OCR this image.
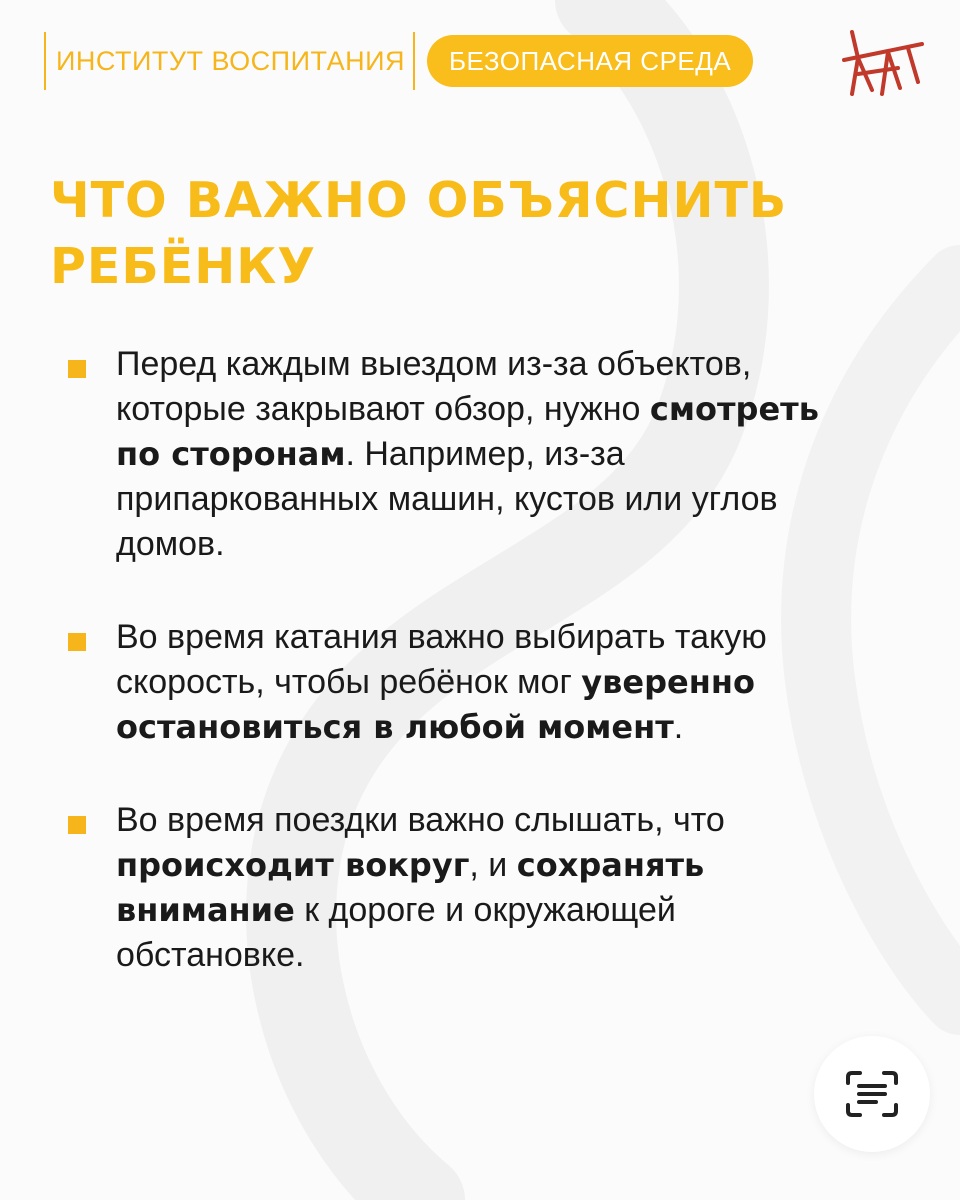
ИНСТИТУТ ВОСПИТАНИЯ	БЕЗОПАСНАЯ СРЕДА
ЧТО ВАЖНО ОБЪЯСНИТЬ
РЕБЁНКУ
Перед каждым выездом из-за объектов, которые закрывают обзор, нужно смотреть по сторонам. Например, из-за припаркованных машин, кустов или углов домов.
Во время катания важно выбирать такую скорость, чтобы ребёнок мог уверенно остановиться в любой момент.
Во время поездки важно слышать, что происходит вокруг, и сохранять внимание к дороге и окружающей обстановке.
